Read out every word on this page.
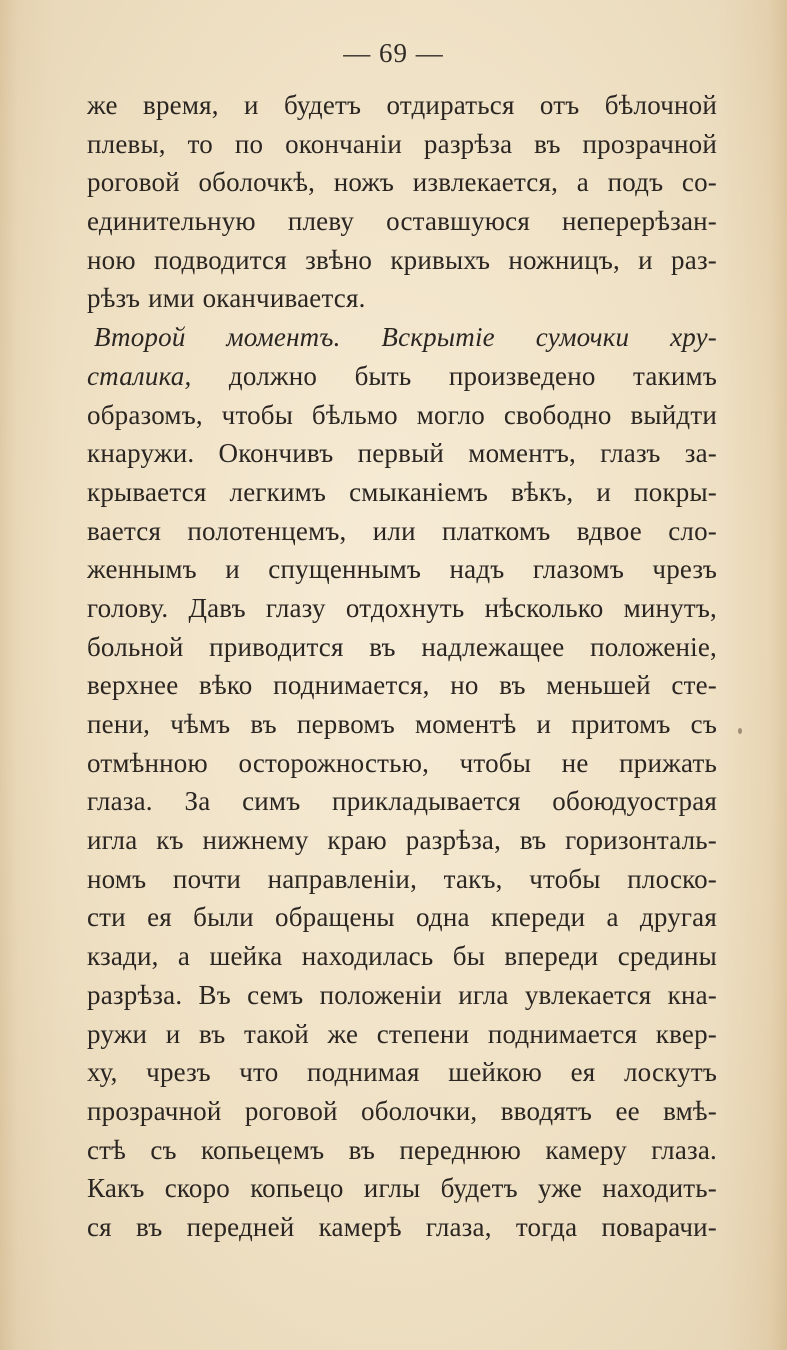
— 69 —
же время, и будетъ отдираться отъ бѣлочной
плевы, то по окончанiи разрѣза въ прозрачной
роговой оболочкѣ, ножъ извлекается, а подъ со-
единительную плеву оставшуюся неперерѣзан-
ною подводится звѣно кривыхъ ножницъ, и раз-
рѣзъ ими оканчивается.
Второй моментъ. Вскрытiе сумочки хру-
сталика, должно быть произведено такимъ
образомъ, чтобы бѣльмо могло свободно выйдти
кнаружи. Окончивъ первый моментъ, глазъ за-
крывается легкимъ смыканiемъ вѣкъ, и покры-
вается полотенцемъ, или платкомъ вдвое сло-
женнымъ и спущеннымъ надъ глазомъ чрезъ
голову. Давъ глазу отдохнуть нѣсколько минутъ,
больной приводится въ надлежащее положенiе,
верхнее вѣко поднимается, но въ меньшей сте-
пени, чѣмъ въ первомъ моментѣ и притомъ съ
отмѣнною осторожностью, чтобы не прижать
глаза. За симъ прикладывается обоюдуострая
игла къ нижнему краю разрѣза, въ горизонталь-
номъ почти направленiи, такъ, чтобы плоско-
сти ея были обращены одна кпереди а другая
кзади, а шейка находилась бы впереди средины
разрѣза. Въ семъ положенiи игла увлекается кна-
ружи и въ такой же степени поднимается квер-
ху, чрезъ что поднимая шейкою ея лоскутъ
прозрачной роговой оболочки, вводятъ ее вмѣ-
стѣ съ копьецемъ въ переднюю камеру глаза.
Какъ скоро копьецо иглы будетъ уже находить-
ся въ передней камерѣ глаза, тогда поварачи-
